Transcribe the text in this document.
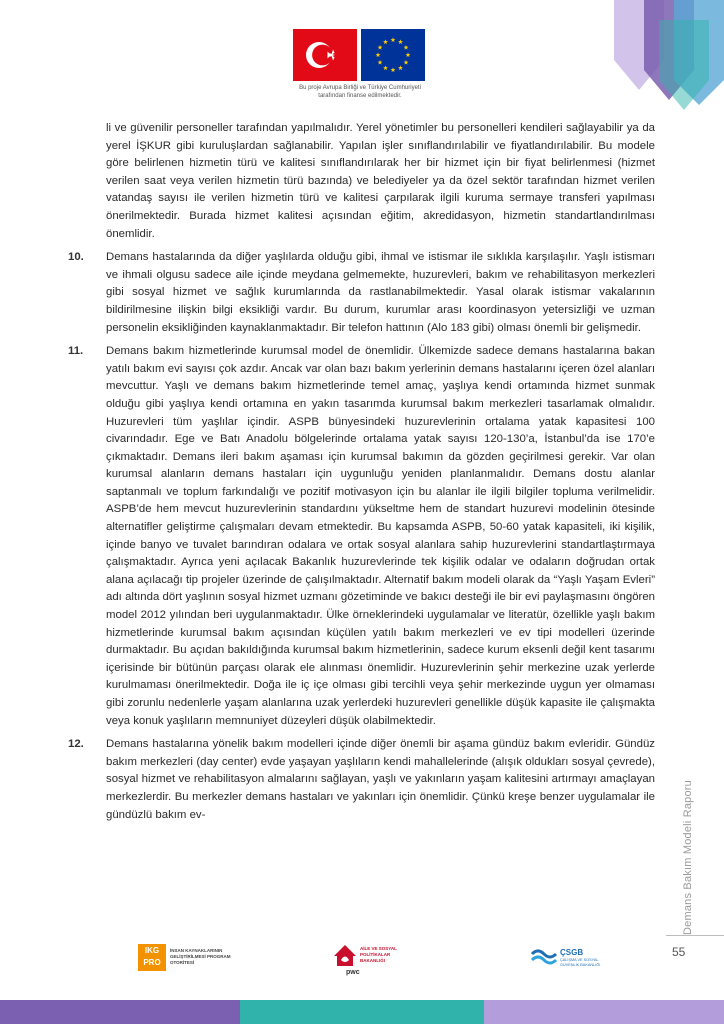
Bu proje Avrupa Birliği ve Türkiye Cumhuriyeti
tarafından finanse edilmektedir.
li ve güvenilir personeller tarafından yapılmalıdır. Yerel yönetimler bu personelleri kendileri sağlayabilir ya da yerel İŞKUR gibi kuruluşlardan sağlanabilir. Yapılan işler sınıflandırılabilir ve fiyatlandırılabilir. Bu modele göre belirlenen hizmetin türü ve kalitesi sınıflandırılarak her bir hizmet için bir fiyat belirlenmesi (hizmet verilen saat veya verilen hizmetin türü bazında) ve belediyeler ya da özel sektör tarafından hizmet verilen vatandaş sayısı ile verilen hizmetin türü ve kalitesi çarpılarak ilgili kuruma sermaye transferi yapılması önerilmektedir. Burada hizmet kalitesi açısından eğitim, akredidasyon, hizmetin standartlandırılması önemlidir.
10. Demans hastalarında da diğer yaşlılarda olduğu gibi, ihmal ve istismar ile sıklıkla karşılaşılır. Yaşlı istismarı ve ihmali olgusu sadece aile içinde meydana gelmemekte, huzurevleri, bakım ve rehabilitasyon merkezleri gibi sosyal hizmet ve sağlık kurumlarında da rastlanabilmektedir. Yasal olarak istismar vakalarının bildirilmesine ilişkin bilgi eksikliği vardır. Bu durum, kurumlar arası koordinasyon yetersizliği ve uzman personelin eksikliğinden kaynaklanmaktadır. Bir telefon hattının (Alo 183 gibi) olması önemli bir gelişmedir.
11. Demans bakım hizmetlerinde kurumsal model de önemlidir. Ülkemizde sadece demans hastalarına bakan yatılı bakım evi sayısı çok azdır. Ancak var olan bazı bakım yerlerinin demans hastalarını içeren özel alanları mevcuttur. Yaşlı ve demans bakım hizmetlerinde temel amaç, yaşlıya kendi ortamında hizmet sunmak olduğu gibi yaşlıya kendi ortamına en yakın tasarımda kurumsal bakım merkezleri tasarlamak olmalıdır. Huzurevleri tüm yaşlılar içindir. ASPB bünyesindeki huzurevlerinin ortalama yatak kapasitesi 100 civarındadır. Ege ve Batı Anadolu bölgelerinde ortalama yatak sayısı 120-130’a, İstanbul’da ise 170’e çıkmaktadır. Demans ileri bakım aşaması için kurumsal bakımın da gözden geçirilmesi gerekir. Var olan kurumsal alanların demans hastaları için uygunluğu yeniden planlanmalıdır. Demans dostu alanlar saptanmalı ve toplum farkındalığı ve pozitif motivasyon için bu alanlar ile ilgili bilgiler topluma verilmelidir. ASPB’de hem mevcut huzurevlerinin standardını yükseltme hem de standart huzurevi modelinin ötesinde alternatifler geliştirme çalışmaları devam etmektedir. Bu kapsamda ASPB, 50-60 yatak kapasiteli, iki kişilik, içinde banyo ve tuvalet barındıran odalara ve ortak sosyal alanlara sahip huzurevlerini standartlaştırmaya çalışmaktadır. Ayrıca yeni açılacak Bakanlık huzurevlerinde tek kişilik odalar ve odaların doğrudan ortak alana açılacağı tip projeler üzerinde de çalışılmaktadır. Alternatif bakım modeli olarak da “Yaşlı Yaşam Evleri” adı altında dört yaşlının sosyal hizmet uzmanı gözetiminde ve bakıcı desteği ile bir evi paylaşmasını öngören model 2012 yılından beri uygulanmaktadır. Ülke örneklerindeki uygulamalar ve literatür, özellikle yaşlı bakım hizmetlerinde kurumsal bakım açısından küçülen yatılı bakım merkezleri ve ev tipi modelleri üzerinde durmaktadır. Bu açıdan bakıldığında kurumsal bakım hizmetlerinin, sadece kurum eksenli değil kent tasarımı içerisinde bir bütünün parçası olarak ele alınması önemlidir. Huzurevlerinin şehir merkezine uzak yerlerde kurulmaması önerilmektedir. Doğa ile iç içe olması gibi tercihli veya şehir merkezinde uygun yer olmaması gibi zorunlu nedenlerle yaşam alanlarına uzak yerlerdeki huzurevleri genellikle düşük kapasite ile çalışmakta veya konuk yaşlıların memnuniyet düzeyleri düşük olabilmektedir.
12. Demans hastalarına yönelik bakım modelleri içinde diğer önemli bir aşama gündüz bakım evleridir. Gündüz bakım merkezleri (day center) evde yaşayan yaşlıların kendi mahallelerinde (alışık oldukları sosyal çevrede), sosyal hizmet ve rehabilitasyon almalarını sağlayan, yaşlı ve yakınların yaşam kalitesini artırmayı amaçlayan merkezlerdir. Bu merkezler demans hastaları ve yakınları için önemlidir. Çünkü kreşe benzer uygulamalar ile gündüzlü bakım ev-	Demans Bakım Modeli Raporu
55
IKG PRO
İNSAN KAYNAKLARININ GELİŞTİRİLMESİ PROGRAM OTORİTESİ
AİLE VE SOSYAL POLİTİKALAR BAKANLIĞI
pwc
ÇSGB
ÇALIŞMA VE SOSYAL GÜVENLİK BAKANLIĞI
